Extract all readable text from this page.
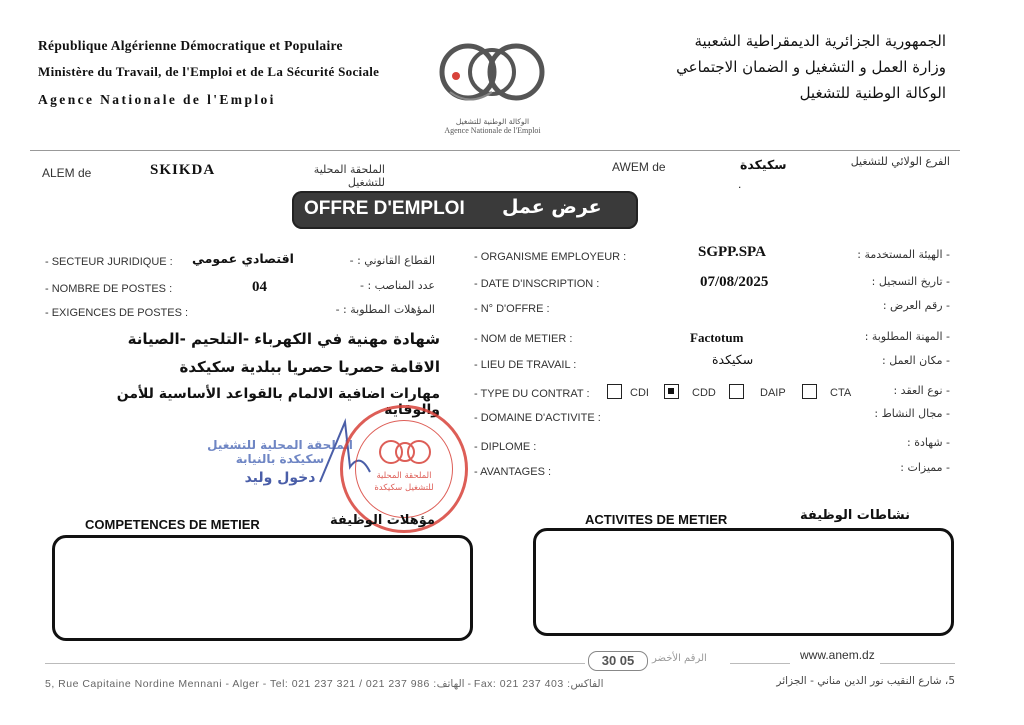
République Algérienne Démocratique et Populaire
Ministère du Travail, de l'Emploi et de La Sécurité Sociale
Agence Nationale de l'Emploi
الوكالة الوطنية للتشغيل
Agence Nationale de l'Emploi
الجمهورية الجزائرية الديمقراطية الشعبية
وزارة العمل و التشغيل و الضمان الاجتماعي
الوكالة الوطنية للتشغيل
ALEM de	SKIKDA	الملحقة المحلية للتشغيل
AWEM de	سكيكدة
.
الفرع الولائي للتشغيل
OFFRE D'EMPLOI عرض عمل
- SECTEUR JURIDIQUE : اقتصادي عمومي	القطاع القانوني : -
- NOMBRE DE POSTES :	04	عدد المناصب : -
- EXIGENCES DE POSTES :	المؤهلات المطلوبة : -
شهادة مهنية في الكهرباء -التلحيم -الصيانة
الاقامة حصريا حصريا ببلدية سكيكدة
مهارات اضافية الالمام بالقواعد الأساسية للأمن والوقاية
الملحقة المحلية للتشغيل
سكيكدة بالنيابة
دخول وليد	الملحقة المحلية للتشغيل سكيكدة
- ORGANISME EMPLOYEUR :	SGPP.SPA	- الهيئة المستخدمة :
- DATE D'INSCRIPTION :	07/08/2025	- تاريخ التسجيل :
- N° D'OFFRE :	- رقم العرض :
- NOM de METIER :	Factotum	- المهنة المطلوبة :
- LIEU DE TRAVAIL :	سكيكدة	- مكان العمل :
- TYPE DU CONTRAT :	CDI	CDD	DAIP	CTA	- نوع العقد :
- DOMAINE D'ACTIVITE :	- مجال النشاط :
- DIPLOME :	- شهادة :
- AVANTAGES :	- مميزات :
COMPETENCES DE METIER	مؤهلات الوظيفة	ACTIVITES DE METIER	نشاطات الوظيفة
30 05	الرقم الأخضر	www.anem.dz
5, Rue Capitaine Nordine Mennani - Alger - Tel: 021 237 321 / 021 237 986 :الهاتف - Fax: 021 237 403 :الفاكس	5، شارع النقيب نور الدين مناني - الجزائر
